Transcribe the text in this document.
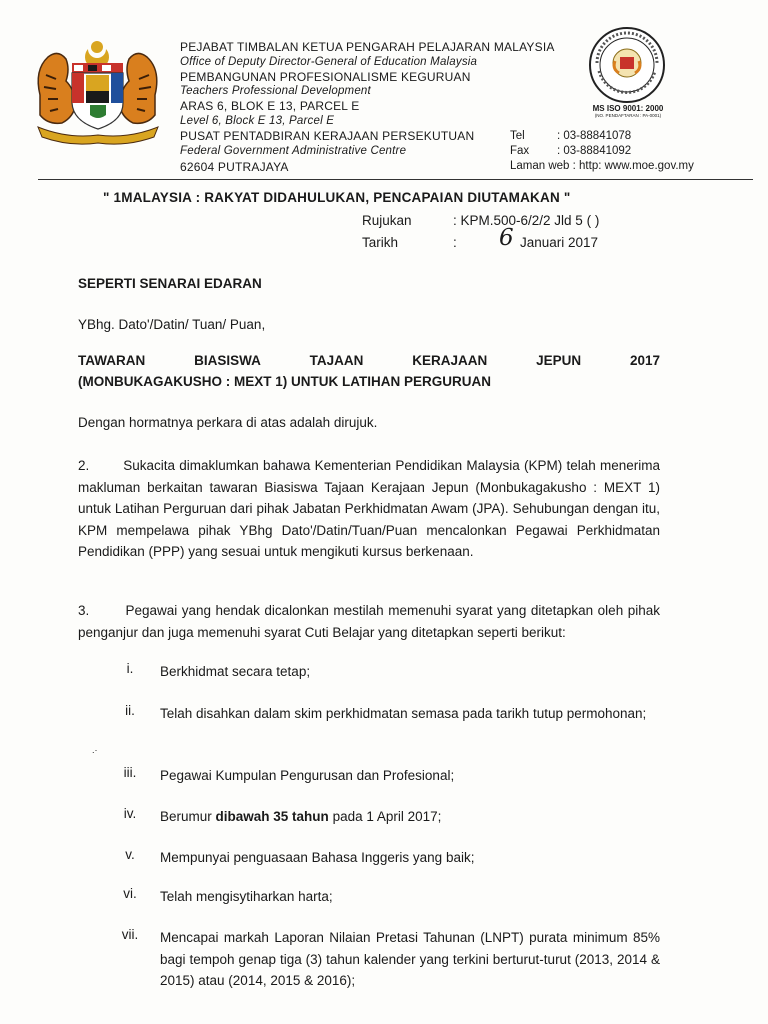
PEJABAT TIMBALAN KETUA PENGARAH PELAJARAN MALAYSIA
Office of Deputy Director-General of Education Malaysia
PEMBANGUNAN PROFESIONALISME KEGURUAN
Teachers Professional Development
ARAS 6, BLOK E 13, PARCEL E
Level 6, Block E 13, Parcel E
PUSAT PENTADBIRAN KERAJAAN PERSEKUTUAN
Federal Government Administrative Centre
62604 PUTRAJAYA
Tel	: 03-88841078
Fax : 03-88841092
Laman web : http: www.moe.gov.my
MS ISO 9001: 2000
(NO. PENDAFTARAN : PA-0001)
" 1MALAYSIA : RAKYAT DIDAHULUKAN, PENCAPAIAN DIUTAMAKAN "
Rujukan	: KPM.500-6/2/2 Jld 5 ( )
Tarikh	: 6 Januari 2017
SEPERTI SENARAI EDARAN
YBhg. Dato'/Datin/ Tuan/ Puan,
TAWARAN	BIASISWA	TAJAAN	KERAJAAN	JEPUN	2017
(MONBUKAGAKUSHO : MEXT 1) UNTUK LATIHAN PERGURUAN
Dengan hormatnya perkara di atas adalah dirujuk.
2.        Sukacita dimaklumkan bahawa Kementerian Pendidikan Malaysia (KPM) telah menerima makluman berkaitan tawaran Biasiswa Tajaan Kerajaan Jepun (Monbukagakusho : MEXT 1) untuk Latihan Perguruan dari pihak Jabatan Perkhidmatan Awam (JPA). Sehubungan dengan itu, KPM mempelawa pihak YBhg Dato'/Datin/Tuan/Puan mencalonkan Pegawai Perkhidmatan Pendidikan (PPP) yang sesuai untuk mengikuti kursus berkenaan.
3.        Pegawai yang hendak dicalonkan mestilah memenuhi syarat yang ditetapkan oleh pihak penganjur dan juga memenuhi syarat Cuti Belajar yang ditetapkan seperti berikut:
i.	Berkhidmat secara tetap;
ii.	Telah disahkan dalam skim perkhidmatan semasa pada tarikh tutup permohonan;
.·
iii.	Pegawai Kumpulan Pengurusan dan Profesional;
iv.	Berumur dibawah 35 tahun pada 1 April 2017;
v.	Mempunyai penguasaan Bahasa Inggeris yang baik;
vi.	Telah mengisytiharkan harta;
vii.	Mencapai markah Laporan Nilaian Pretasi Tahunan (LNPT) purata minimum 85% bagi tempoh genap tiga (3) tahun kalender yang terkini berturut-turut (2013, 2014 & 2015) atau (2014, 2015 & 2016);
